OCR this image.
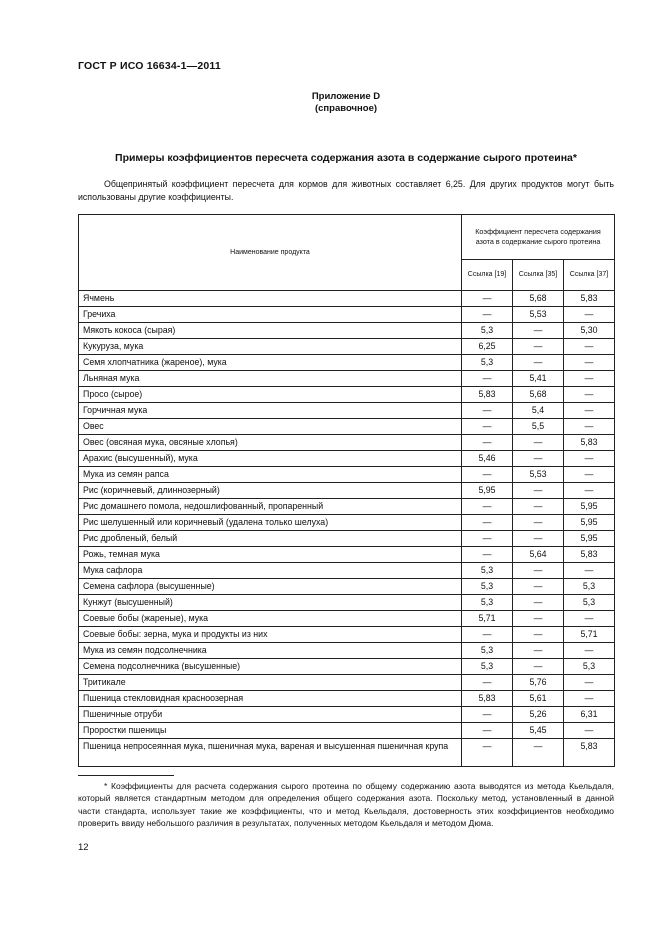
ГОСТ Р ИСО 16634-1—2011
Приложение D
(справочное)
Примеры коэффициентов пересчета содержания азота в содержание сырого протеина*
Общепринятый коэффициент пересчета для кормов для животных составляет 6,25. Для других продуктов могут быть использованы другие коэффициенты.
Наименование продукта	Коэффициент пересчета содержания азота в содержание сырого протеина		
	Ссылка [19]	Ссылка [35]	Ссылка [37]
Ячмень	—	5,68	5,83
Гречиха	—	5,53	—
Мякоть кокоса (сырая)	5,3	—	5,30
Кукуруза, мука	6,25	—	—
Семя хлопчатника (жареное), мука	5,3	—	—
Льняная мука	—	5,41	—
Просо (сырое)	5,83	5,68	—
Горчичная мука	—	5,4	—
Овес	—	5,5	—
Овес (овсяная мука, овсяные хлопья)	—	—	5,83
Арахис (высушенный), мука	5,46	—	—
Мука из семян рапса	—	5,53	—
Рис (коричневый, длиннозерный)	5,95	—	—
Рис домашнего помола, недошлифованный, пропаренный	—	—	5,95
Рис шелушенный или коричневый (удалена только шелуха)	—	—	5,95
Рис дробленый, белый	—	—	5,95
Рожь, темная мука	—	5,64	5,83
Мука сафлора	5,3	—	—
Семена сафлора (высушенные)	5,3	—	5,3
Кунжут (высушенный)	5,3	—	5,3
Соевые бобы (жареные), мука	5,71	—	—
Соевые бобы: зерна, мука и продукты из них	—	—	5,71
Мука из семян подсолнечника	5,3	—	—
Семена подсолнечника (высушенные)	5,3	—	5,3
Тритикале	—	5,76	—
Пшеница стекловидная красноозерная	5,83	5,61	—
Пшеничные отруби	—	5,26	6,31
Проростки пшеницы	—	5,45	—
Пшеница непросеянная мука, пшеничная мука, вареная и высушенная пшеничная крупа	—	—	5,83
* Коэффициенты для расчета содержания сырого протеина по общему содержанию азота выводятся из метода Кьельдаля, который является стандартным методом для определения общего содержания азота. Поскольку метод, установленный в данной части стандарта, использует такие же коэффициенты, что и метод Кьельдаля, достоверность этих коэффициентов необходимо проверить ввиду небольшого различия в результатах, полученных методом Кьельдаля и методом Дюма.
12
